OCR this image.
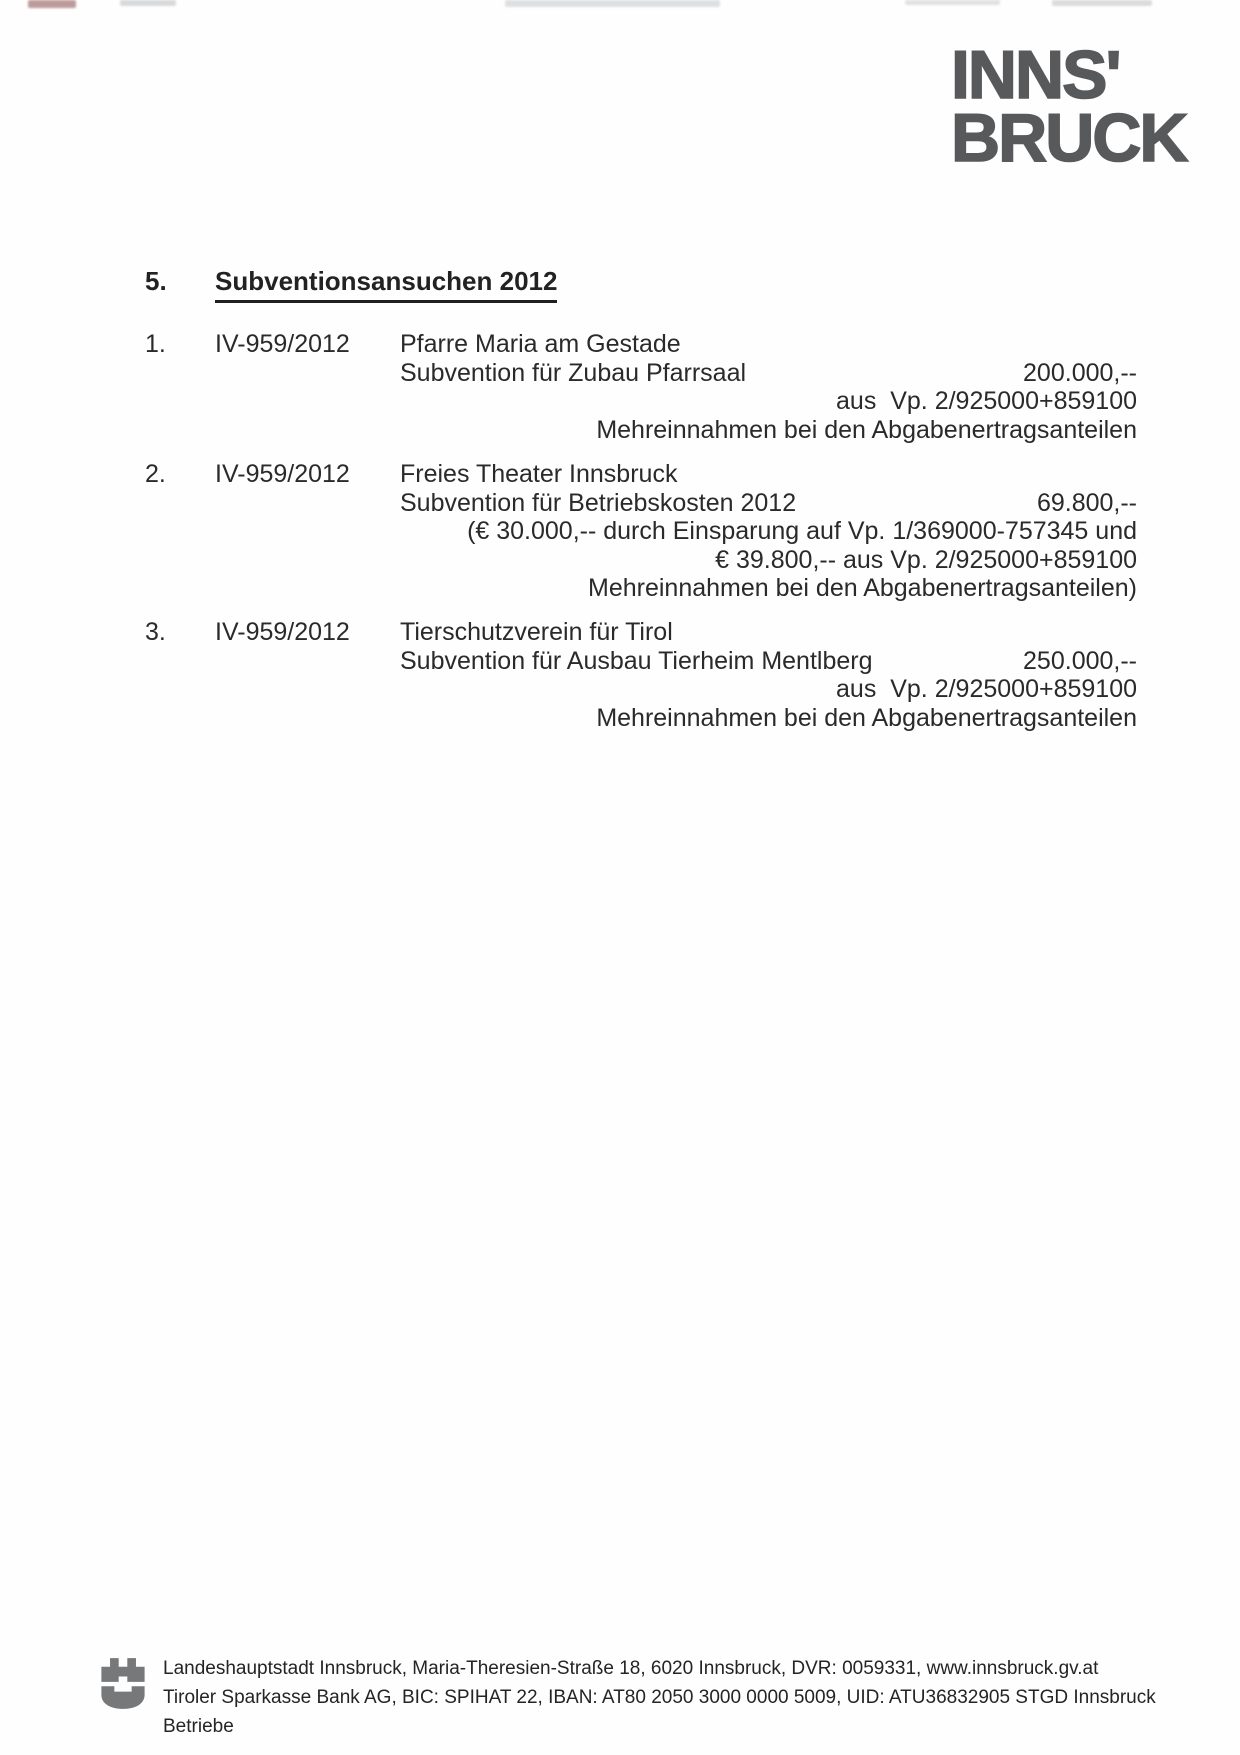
INNS'
BRUCK
5.	Subventionsansuchen 2012
1.	IV-959/2012	Pfarre Maria am Gestade
Subvention für Zubau Pfarrsaal	200.000,--
aus  Vp. 2/925000+859100
Mehreinnahmen bei den Abgabenertragsanteilen
2.	IV-959/2012	Freies Theater Innsbruck
Subvention für Betriebskosten 2012	69.800,--
(€ 30.000,-- durch Einsparung auf Vp. 1/369000-757345 und
€ 39.800,-- aus Vp. 2/925000+859100
Mehreinnahmen bei den Abgabenertragsanteilen)
3.	IV-959/2012	Tierschutzverein für Tirol
Subvention für Ausbau Tierheim Mentlberg	250.000,--
aus  Vp. 2/925000+859100
Mehreinnahmen bei den Abgabenertragsanteilen
Landeshauptstadt Innsbruck, Maria-Theresien-Straße 18, 6020 Innsbruck, DVR: 0059331, www.innsbruck.gv.at
Tiroler Sparkasse Bank AG, BIC: SPIHAT 22, IBAN: AT80 2050 3000 0000 5009, UID: ATU36832905 STGD Innsbruck Betriebe
